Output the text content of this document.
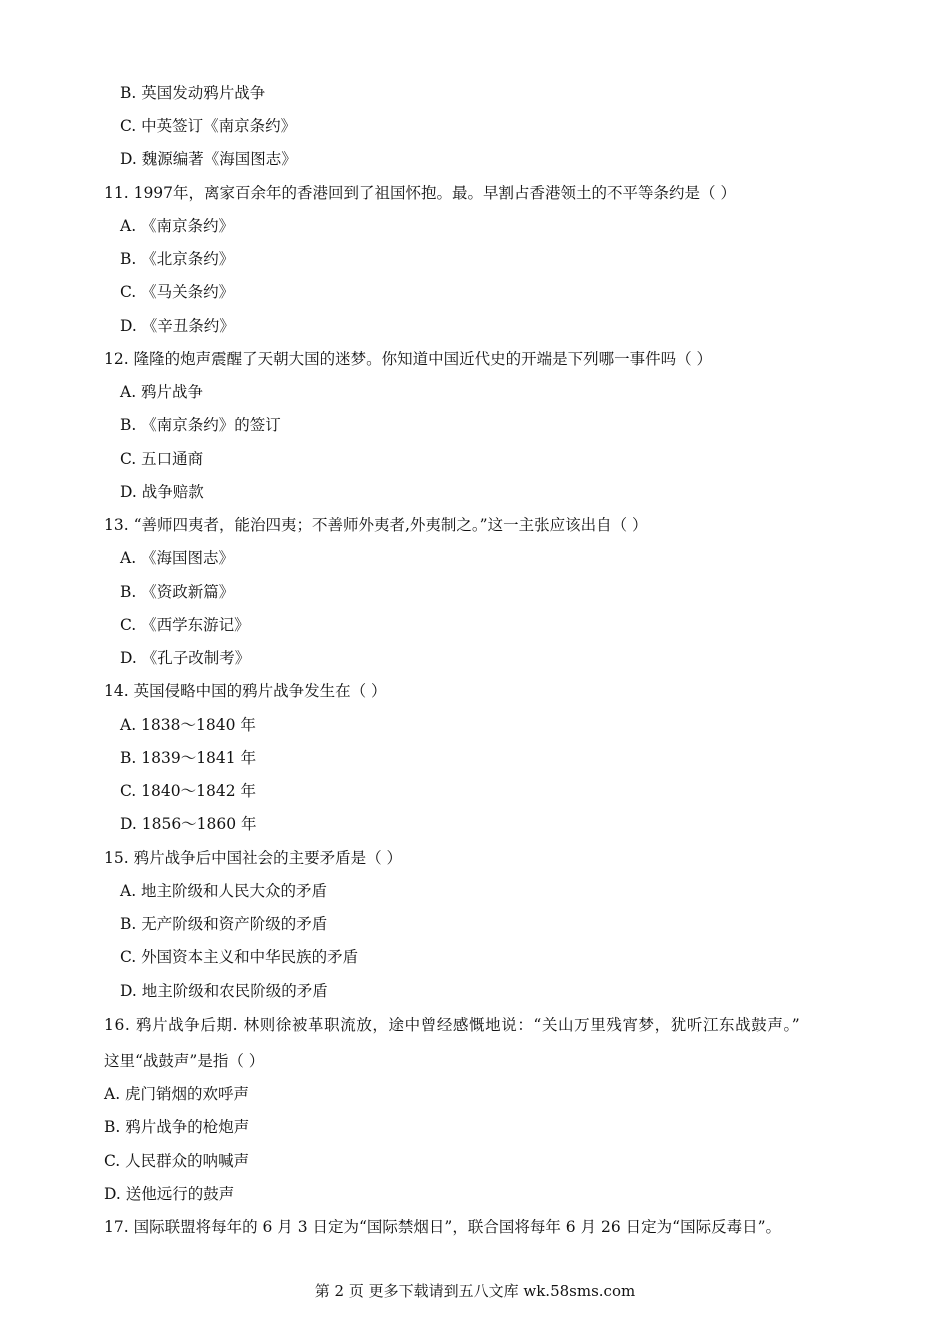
B. 英国发动鸦片战争
C. 中英签订《南京条约》
D. 魏源编著《海国图志》
11. 1997年，离家百余年的香港回到了祖国怀抱。最。早割占香港领土的不平等条约是（ ）
A. 《南京条约》
B. 《北京条约》
C. 《马关条约》
D. 《辛丑条约》
12. 隆隆的炮声震醒了天朝大国的迷梦。你知道中国近代史的开端是下列哪一事件吗（ ）
A. 鸦片战争
B. 《南京条约》的签订
C. 五口通商
D. 战争赔款
13. “善师四夷者，能治四夷；不善师外夷者,外夷制之。”这一主张应该出自（ ）
A. 《海国图志》
B. 《资政新篇》
C. 《西学东游记》
D. 《孔子改制考》
14. 英国侵略中国的鸦片战争发生在（ ）
A. 1838～1840 年
B. 1839～1841 年
C. 1840～1842 年
D. 1856～1860 年
15. 鸦片战争后中国社会的主要矛盾是（ ）
A. 地主阶级和人民大众的矛盾
B. 无产阶级和资产阶级的矛盾
C. 外国资本主义和中华民族的矛盾
D. 地主阶级和农民阶级的矛盾
16. 鸦片战争后期. 林则徐被革职流放，途中曾经感慨地说：“关山万里残宵梦，犹听江东战鼓声。”
这里“战鼓声”是指（ ）
A. 虎门销烟的欢呼声
B. 鸦片战争的枪炮声
C. 人民群众的呐喊声
D. 送他远行的鼓声
17. 国际联盟将每年的 6 月 3 日定为“国际禁烟日”，联合国将每年 6 月 26 日定为“国际反毒日”。
第 2 页 更多下载请到五八文库 wk.58sms.com
